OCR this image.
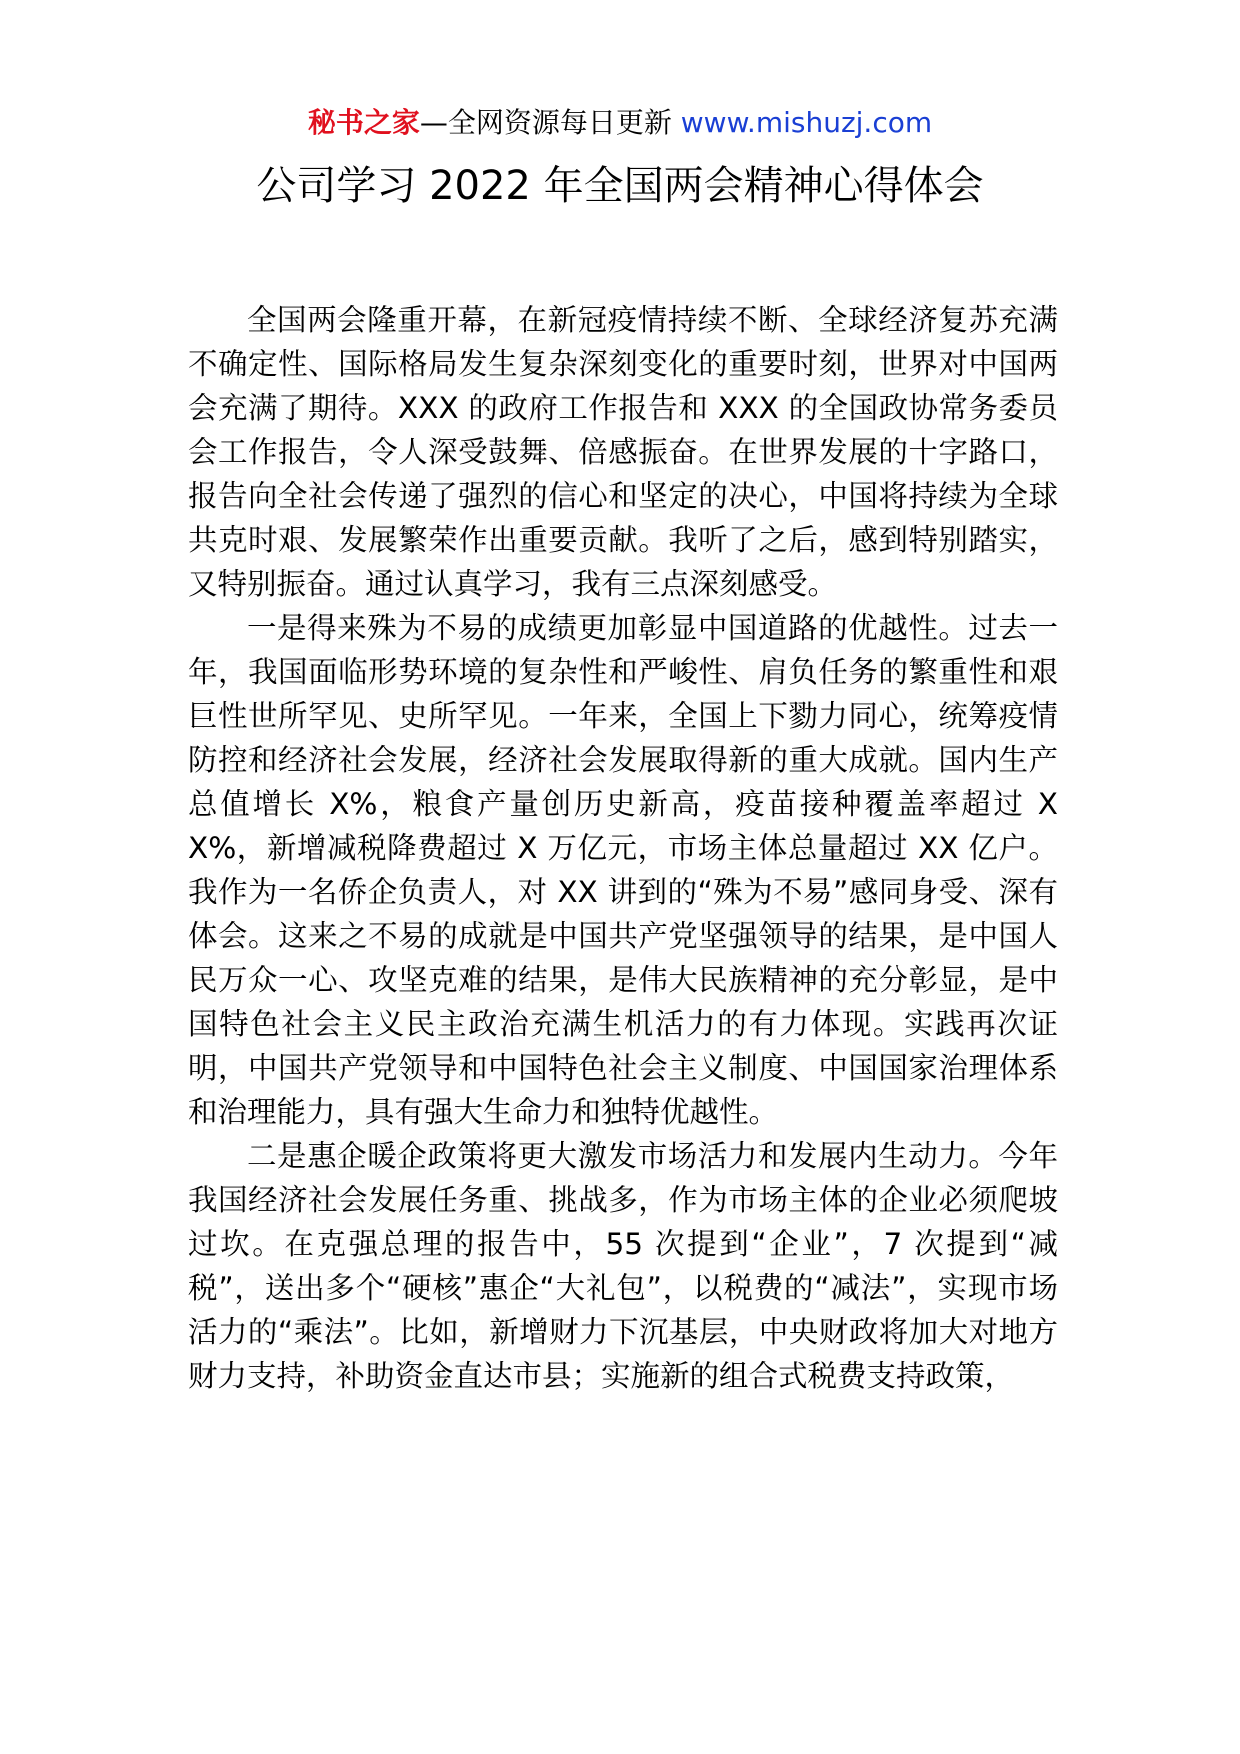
秘书之家—全网资源每日更新 www.mishuzj.com
公司学习 2022 年全国两会精神心得体会

全国两会隆重开幕，在新冠疫情持续不断、全球经济复苏充满不确定性、国际格局发生复杂深刻变化的重要时刻，世界对中国两会充满了期待。XXX 的政府工作报告和 XXX 的全国政协常务委员会工作报告，令人深受鼓舞、倍感振奋。在世界发展的十字路口，报告向全社会传递了强烈的信心和坚定的决心，中国将持续为全球共克时艰、发展繁荣作出重要贡献。我听了之后，感到特别踏实，又特别振奋。通过认真学习，我有三点深刻感受。

一是得来殊为不易的成绩更加彰显中国道路的优越性。过去一年，我国面临形势环境的复杂性和严峻性、肩负任务的繁重性和艰巨性世所罕见、史所罕见。一年来，全国上下勠力同心，统筹疫情防控和经济社会发展，经济社会发展取得新的重大成就。国内生产总值增长 X%，粮食产量创历史新高，疫苗接种覆盖率超过 XX%，新增减税降费超过 X 万亿元，市场主体总量超过 XX 亿户。我作为一名侨企负责人，对 XX 讲到的“殊为不易”感同身受、深有体会。这来之不易的成就是中国共产党坚强领导的结果，是中国人民万众一心、攻坚克难的结果，是伟大民族精神的充分彰显，是中国特色社会主义民主政治充满生机活力的有力体现。实践再次证明，中国共产党领导和中国特色社会主义制度、中国国家治理体系和治理能力，具有强大生命力和独特优越性。

二是惠企暖企政策将更大激发市场活力和发展内生动力。今年我国经济社会发展任务重、挑战多，作为市场主体的企业必须爬坡过坎。在克强总理的报告中，55 次提到“企业”，7 次提到“减税”，送出多个“硬核”惠企“大礼包”，以税费的“减法”，实现市场活力的“乘法”。比如，新增财力下沉基层，中央财政将加大对地方财力支持，补助资金直达市县；实施新的组合式税费支持政策，
